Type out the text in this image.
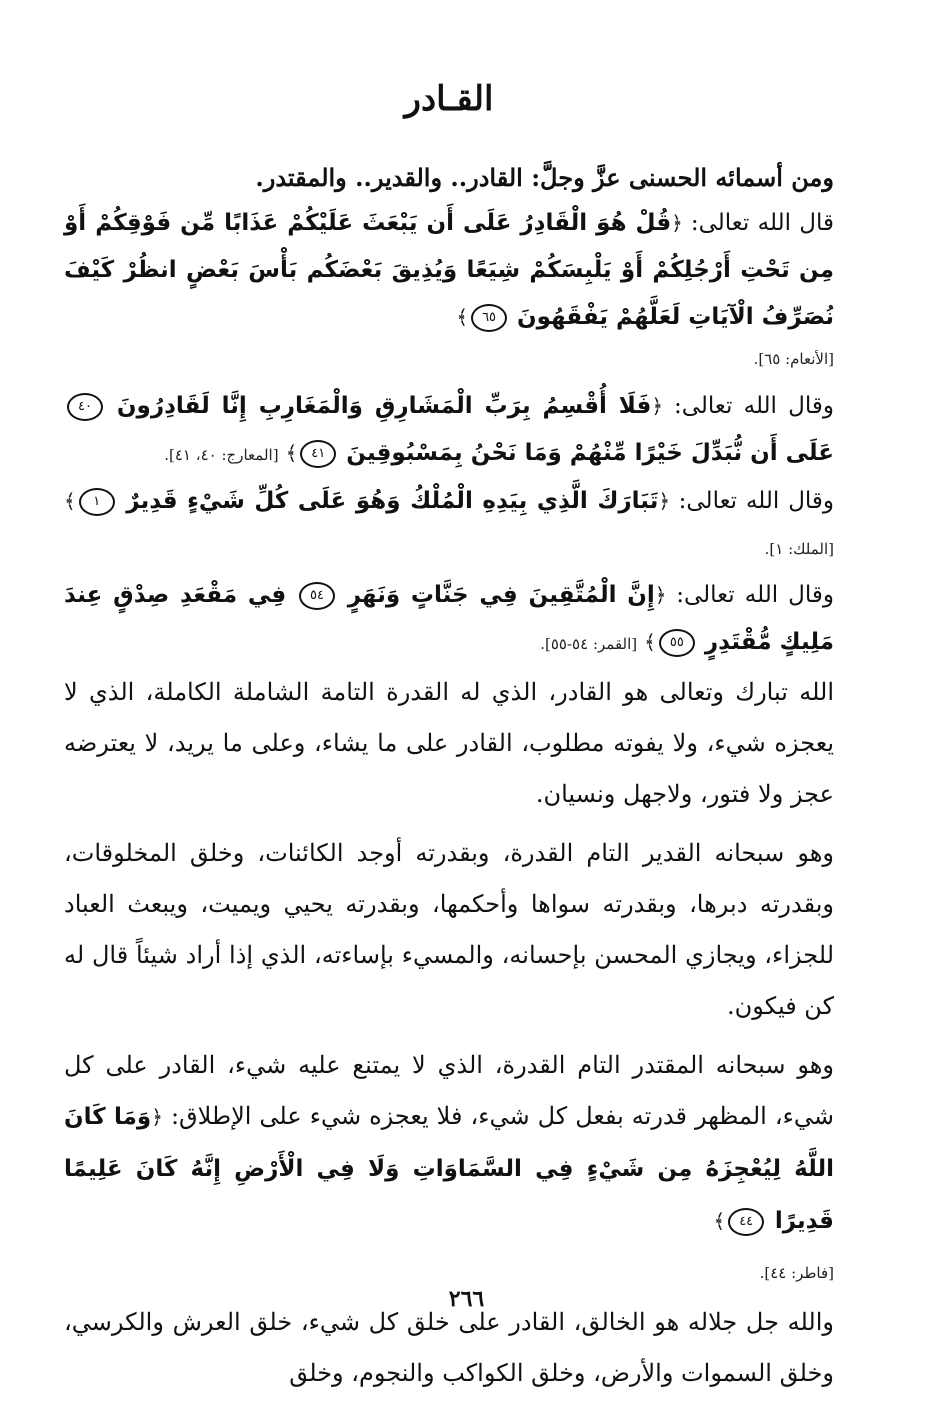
القـادر

ومن أسمائه الحسنى عزَّ وجلَّ: القادر.. والقدير.. والمقتدر.

قال الله تعالى: ﴿قُلْ هُوَ الْقَادِرُ عَلَى أَن يَبْعَثَ عَلَيْكُمْ عَذَابًا مِّن فَوْقِكُمْ أَوْ مِن تَحْتِ أَرْجُلِكُمْ أَوْ يَلْبِسَكُمْ شِيَعًا وَيُذِيقَ بَعْضَكُم بَأْسَ بَعْضٍ انظُرْ كَيْفَ نُصَرِّفُ الْآيَاتِ لَعَلَّهُمْ يَفْقَهُونَ ٦٥﴾

[الأنعام: ٦٥].

وقال الله تعالى: ﴿فَلَا أُقْسِمُ بِرَبِّ الْمَشَارِقِ وَالْمَغَارِبِ إِنَّا لَقَادِرُونَ ٤٠ عَلَى أَن نُّبَدِّلَ خَيْرًا مِّنْهُمْ وَمَا نَحْنُ بِمَسْبُوقِينَ ٤١﴾ [المعارج: ٤٠، ٤١].

وقال الله تعالى: ﴿تَبَارَكَ الَّذِي بِيَدِهِ الْمُلْكُ وَهُوَ عَلَى كُلِّ شَيْءٍ قَدِيرٌ ١﴾ [الملك: ١].

وقال الله تعالى: ﴿إِنَّ الْمُتَّقِينَ فِي جَنَّاتٍ وَنَهَرٍ ٥٤ فِي مَقْعَدِ صِدْقٍ عِندَ مَلِيكٍ مُّقْتَدِرٍ ٥٥﴾ [القمر: ٥٤-٥٥].

الله تبارك وتعالى هو القادر، الذي له القدرة التامة الشاملة الكاملة، الذي لا يعجزه شيء، ولا يفوته مطلوب، القادر على ما يشاء، وعلى ما يريد، لا يعترضه عجز ولا فتور، ولاجهل ونسيان.

وهو سبحانه القدير التام القدرة، وبقدرته أوجد الكائنات، وخلق المخلوقات، وبقدرته دبرها، وبقدرته سواها وأحكمها، وبقدرته يحيي ويميت، ويبعث العباد للجزاء، ويجازي المحسن بإحسانه، والمسيء بإساءته، الذي إذا أراد شيئاً قال له كن فيكون.

وهو سبحانه المقتدر التام القدرة، الذي لا يمتنع عليه شيء، القادر على كل شيء، المظهر قدرته بفعل كل شيء، فلا يعجزه شيء على الإطلاق: ﴿وَمَا كَانَ اللَّهُ لِيُعْجِزَهُ مِن شَيْءٍ فِي السَّمَاوَاتِ وَلَا فِي الْأَرْضِ إِنَّهُ كَانَ عَلِيمًا قَدِيرًا ٤٤﴾

[فاطر: ٤٤].

والله جل جلاله هو الخالق، القادر على خلق كل شيء، خلق العرش والكرسي، وخلق السموات والأرض، وخلق الكواكب والنجوم، وخلق

٢٦٦
